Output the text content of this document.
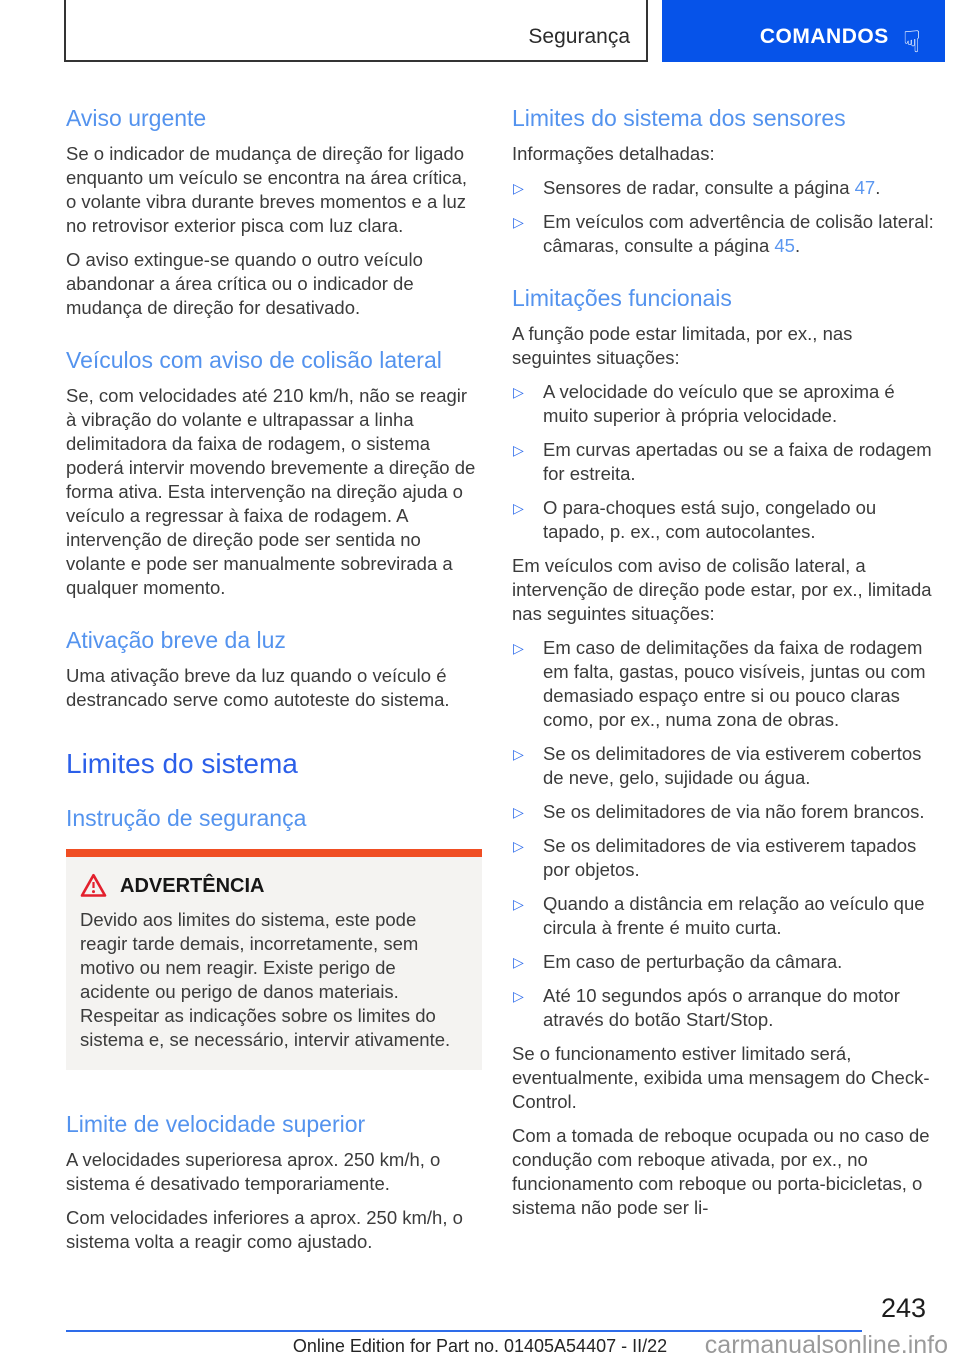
Segurança	COMANDOS ☟
Aviso urgente

Se o indicador de mudança de direção for ligado enquanto um veículo se encontra na área crítica, o volante vibra durante breves momentos e a luz no retrovisor exterior pisca com luz clara.

O aviso extingue-se quando o outro veículo abandonar a área crítica ou o indicador de mudança de direção for desativado.

Veículos com aviso de colisão lateral

Se, com velocidades até 210 km/h, não se reagir à vibração do volante e ultrapassar a linha delimitadora da faixa de rodagem, o sistema poderá intervir movendo brevemente a direção de forma ativa. Esta intervenção na direção ajuda o veículo a regressar à faixa de rodagem. A intervenção de direção pode ser sentida no volante e pode ser manualmente sobrevirada a qualquer momento.

Ativação breve da luz

Uma ativação breve da luz quando o veículo é destrancado serve como autoteste do sistema.

Limites do sistema
Instrução de segurança
ADVERTÊNCIA
Devido aos limites do sistema, este pode reagir tarde demais, incorretamente, sem motivo ou nem reagir. Existe perigo de acidente ou perigo de danos materiais. Respeitar as indicações sobre os limites do sistema e, se necessário, intervir ativamente.
Limite de velocidade superior

A velocidades superioresa aprox. 250 km/h, o sistema é desativado temporariamente.

Com velocidades inferiores a aprox. 250 km/h, o sistema volta a reagir como ajustado.

Limites do sistema dos sensores

Informações detalhadas:

▷	Sensores de radar, consulte a página 47.
▷	Em veículos com advertência de colisão lateral: câmaras, consulte a página 45.
Limitações funcionais

A função pode estar limitada, por ex., nas seguintes situações:

▷	A velocidade do veículo que se aproxima é muito superior à própria velocidade.
▷	Em curvas apertadas ou se a faixa de rodagem for estreita.
▷	O para-choques está sujo, congelado ou tapado, p. ex., com autocolantes.

Em veículos com aviso de colisão lateral, a intervenção de direção pode estar, por ex., limitada nas seguintes situações:

▷	Em caso de delimitações da faixa de rodagem em falta, gastas, pouco visíveis, juntas ou com demasiado espaço entre si ou pouco claras como, por ex., numa zona de obras.
▷	Se os delimitadores de via estiverem cobertos de neve, gelo, sujidade ou água.
▷	Se os delimitadores de via não forem brancos.
▷	Se os delimitadores de via estiverem tapados por objetos.
▷	Quando a distância em relação ao veículo que circula à frente é muito curta.
▷	Em caso de perturbação da câmara.
▷	Até 10 segundos após o arranque do motor através do botão Start/Stop.

Se o funcionamento estiver limitado será, eventualmente, exibida uma mensagem do Check-Control.

Com a tomada de reboque ocupada ou no caso de condução com reboque ativada, por ex., no funcionamento com reboque ou porta-bicicletas, o sistema não pode ser li-

243
Online Edition for Part no. 01405A54407 - II/22	carmanualsonline.info
